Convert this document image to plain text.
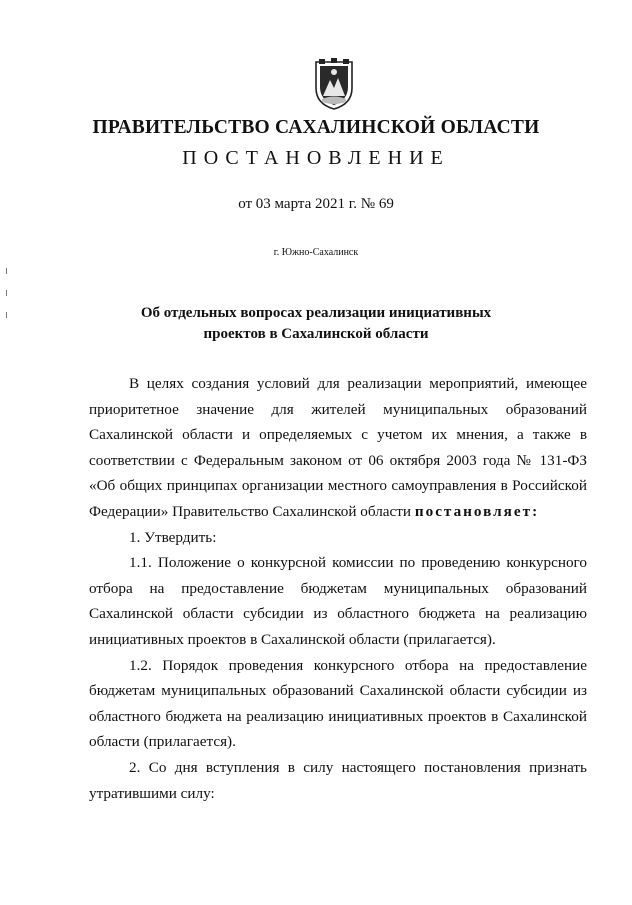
ПРАВИТЕЛЬСТВО САХАЛИНСКОЙ ОБЛАСТИ
ПОСТАНОВЛЕНИЕ
от 03 марта 2021 г. № 69
г. Южно-Сахалинск
Об отдельных вопросах реализации инициативных
проектов в Сахалинской области

В целях создания условий для реализации мероприятий, имеющее приоритетное значение для жителей муниципальных образований Сахалинской области и определяемых с учетом их мнения, а также в соответствии с Федеральным законом от 06 октября 2003 года № 131-ФЗ «Об общих принципах организации местного самоуправления в Российской Федерации» Правительство Сахалинской области постановляет:

1. Утвердить:

1.1. Положение о конкурсной комиссии по проведению конкурсного отбора на предоставление бюджетам муниципальных образований Сахалинской области субсидии из областного бюджета на реализацию инициативных проектов в Сахалинской области (прилагается).

1.2. Порядок проведения конкурсного отбора на предоставление бюджетам муниципальных образований Сахалинской области субсидии из областного бюджета на реализацию инициативных проектов в Сахалинской области (прилагается).

2. Со дня вступления в силу настоящего постановления признать утратившими силу:
